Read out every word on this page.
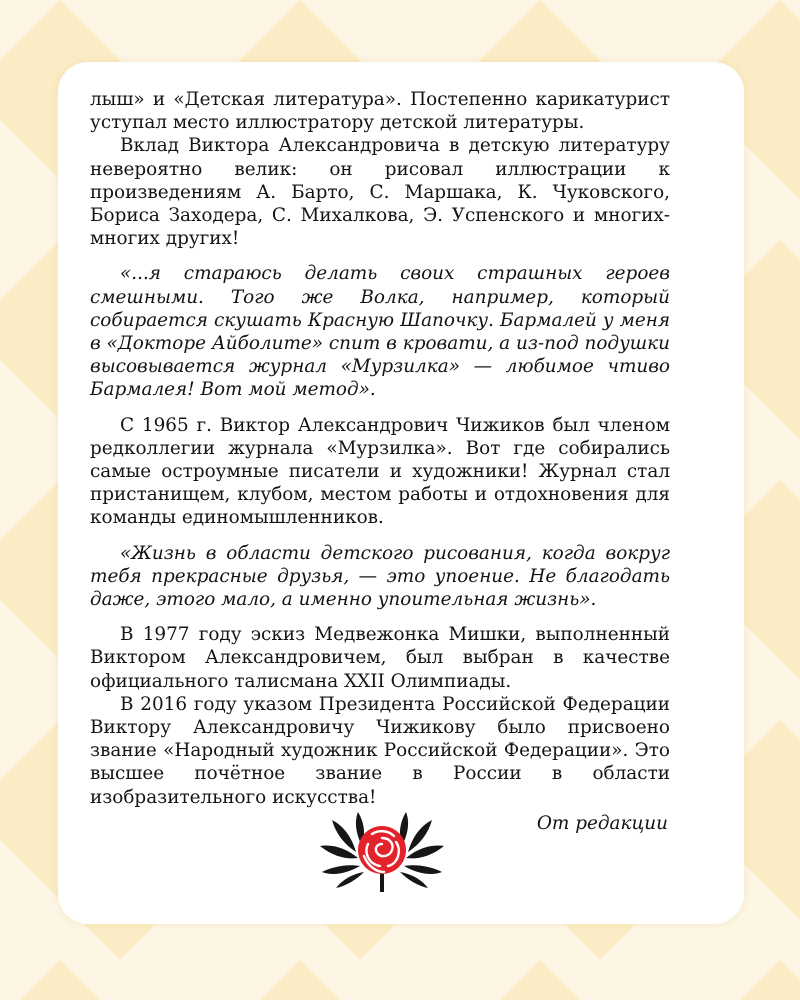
лыш» и «Детская литература». Постепенно карикатурист уступал место иллюстратору детской литературы.

Вклад Виктора Александровича в детскую литературу невероятно велик: он рисовал иллюстрации к произведениям А. Барто, С. Маршака, К. Чуковского, Бориса Заходера, С. Михалкова, Э. Успенского и многих-многих других!

«...я стараюсь делать своих страшных героев смешными. Того же Волка, например, который собирается скушать Красную Шапочку. Бармалей у меня в «Докторе Айболите» спит в кровати, а из-под подушки высовывается журнал «Мурзилка» — любимое чтиво Бармалея! Вот мой метод».

С 1965 г. Виктор Александрович Чижиков был членом редколлегии журнала «Мурзилка». Вот где собирались самые остроумные писатели и художники! Журнал стал пристанищем, клубом, местом работы и отдохновения для команды единомышленников.

«Жизнь в области детского рисования, когда вокруг тебя прекрасные друзья, — это упоение. Не благодать даже, этого мало, а именно упоительная жизнь».

В 1977 году эскиз Медвежонка Мишки, выполненный Виктором Александровичем, был выбран в качестве официального талисмана XXII Олимпиады.

В 2016 году указом Президента Российской Федерации Виктору Александровичу Чижикову было присвоено звание «Народный художник Российской Федерации». Это высшее почётное звание в России в области изобразительного искусства!

От редакции
